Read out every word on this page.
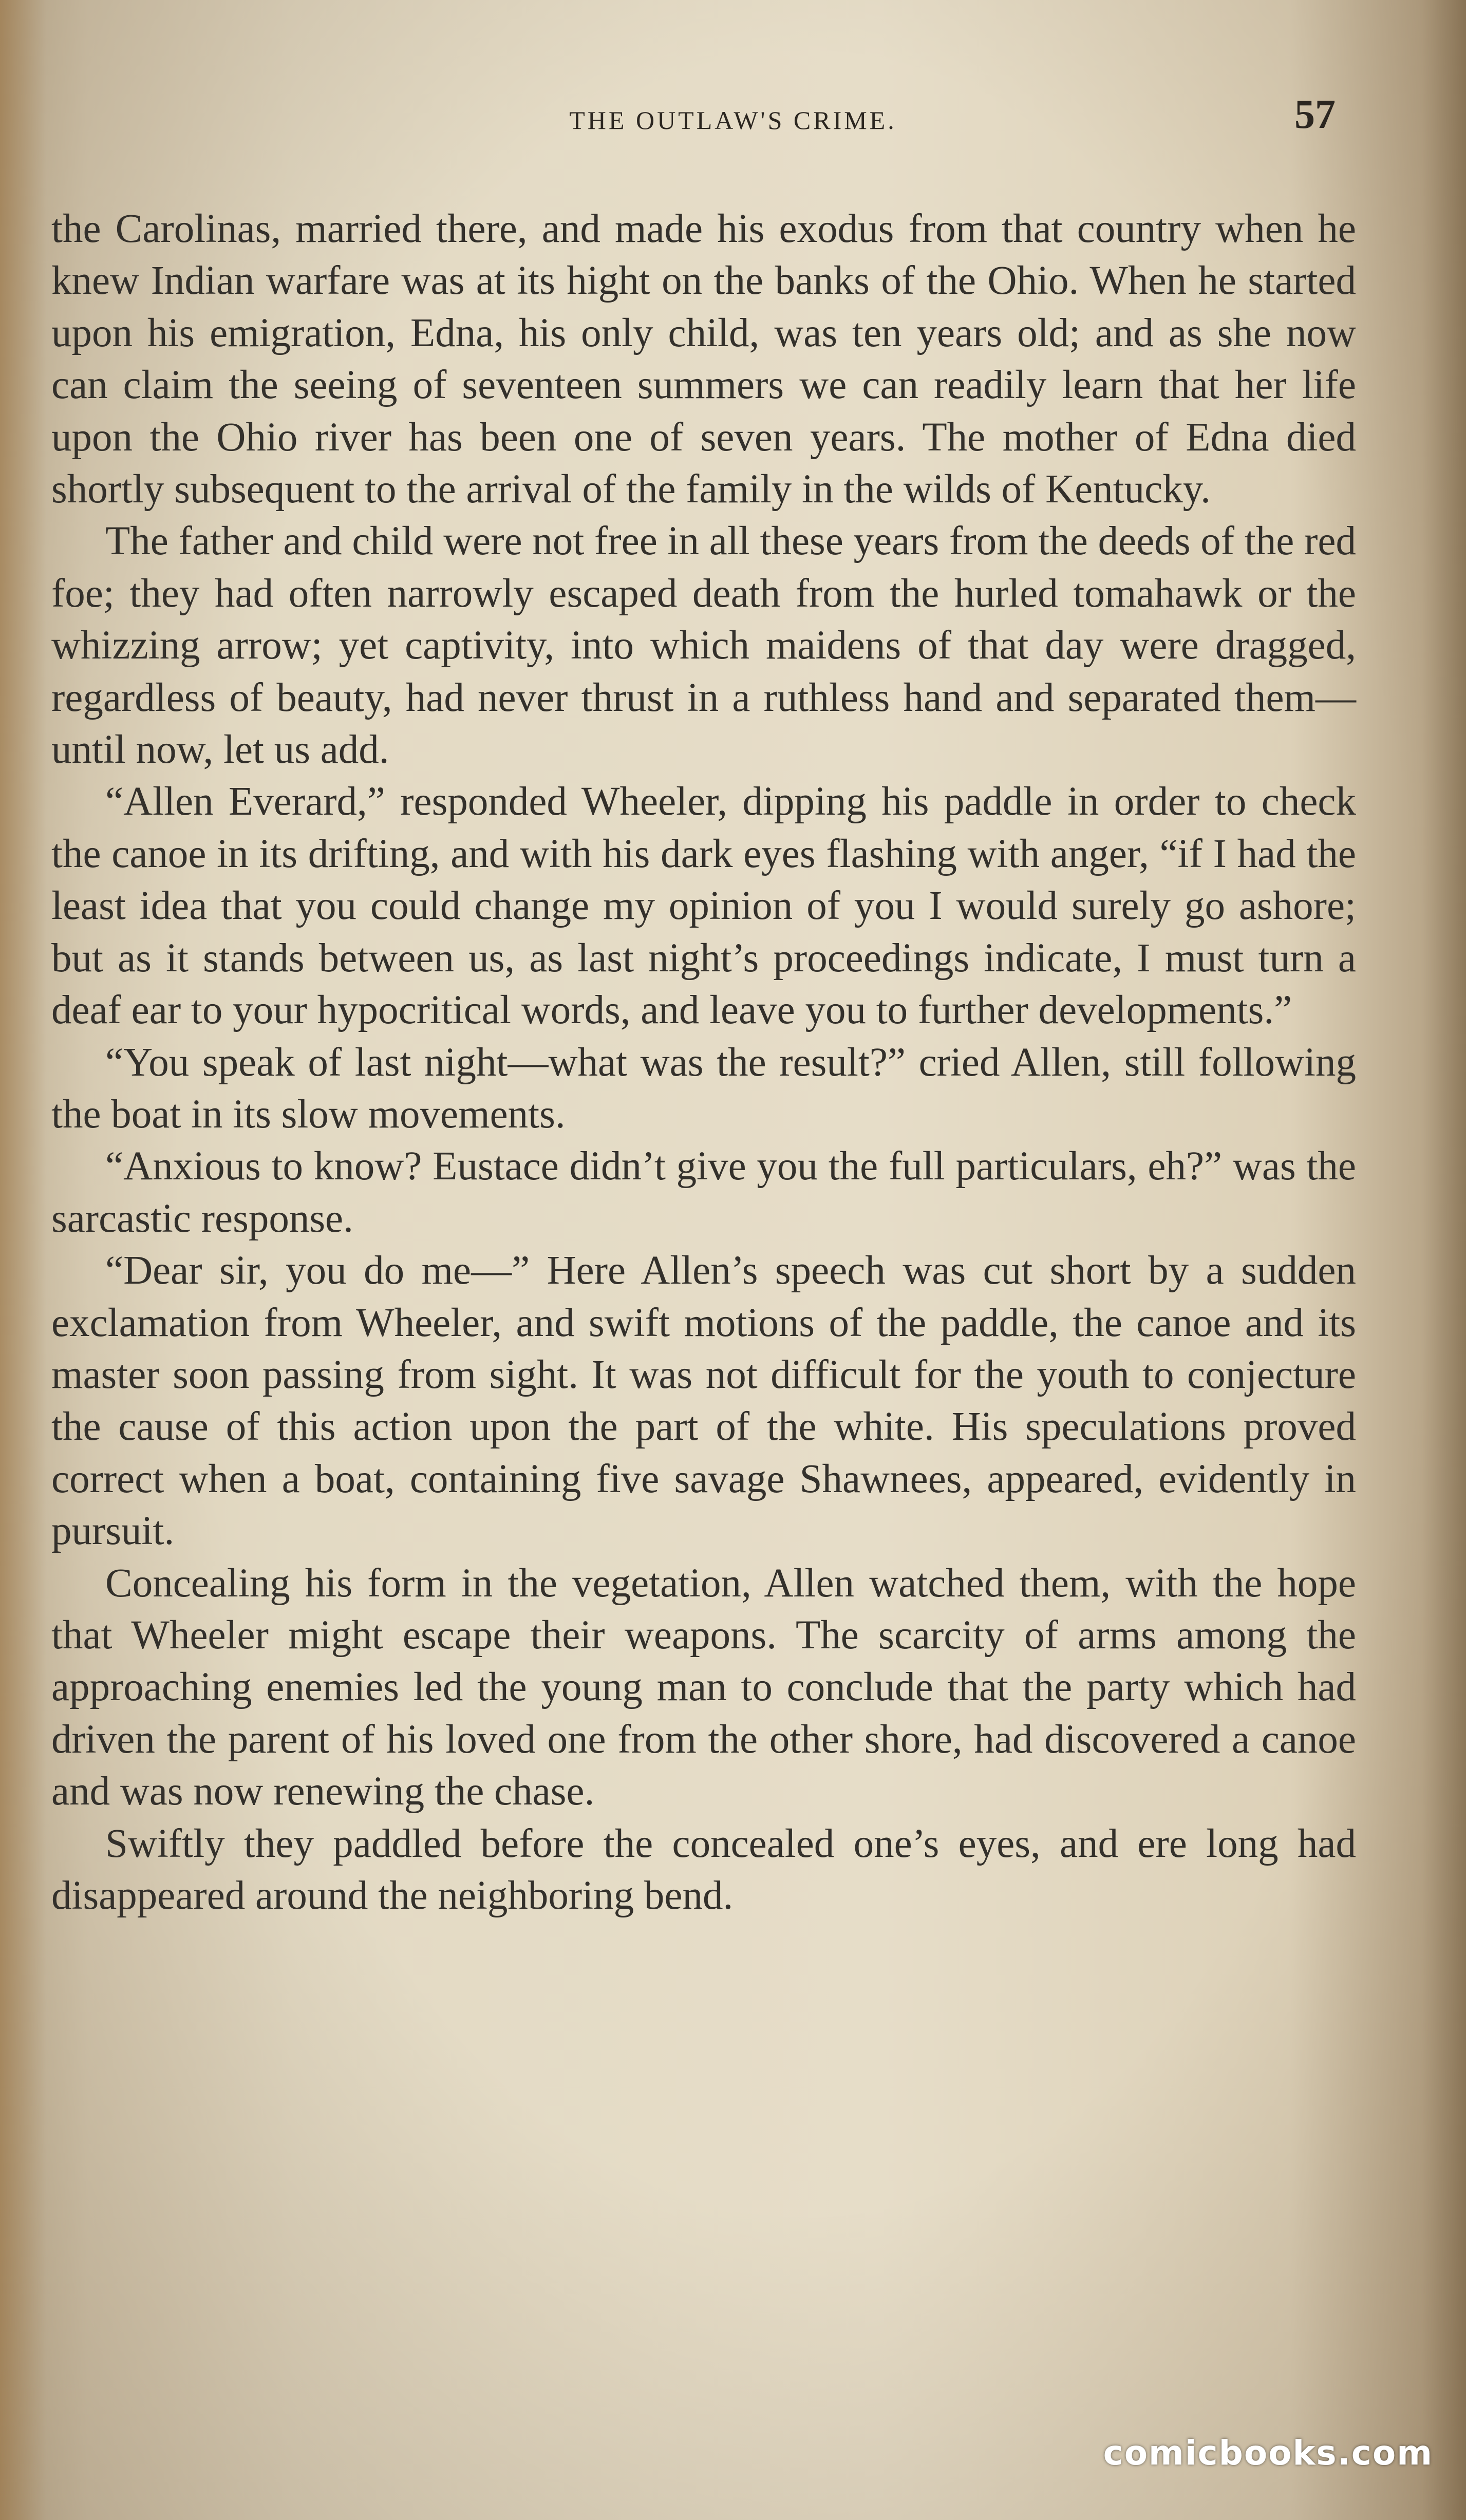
THE OUTLAW'S CRIME.	57

the Carolinas, married there, and made his exodus from that country when he knew Indian warfare was at its hight on the banks of the Ohio. When he started upon his emigration, Edna, his only child, was ten years old; and as she now can claim the seeing of seventeen summers we can readily learn that her life upon the Ohio river has been one of seven years. The mother of Edna died shortly subsequent to the arrival of the family in the wilds of Kentucky.

The father and child were not free in all these years from the deeds of the red foe; they had often narrowly escaped death from the hurled tomahawk or the whizzing arrow; yet captivity, into which maidens of that day were dragged, regardless of beauty, had never thrust in a ruthless hand and separated them—until now, let us add.

“Allen Everard,” responded Wheeler, dipping his paddle in order to check the canoe in its drifting, and with his dark eyes flashing with anger, “if I had the least idea that you could change my opinion of you I would surely go ashore; but as it stands between us, as last night’s proceedings indicate, I must turn a deaf ear to your hypocritical words, and leave you to further developments.”

“You speak of last night—what was the result?” cried Allen, still following the boat in its slow movements.

“Anxious to know? Eustace didn’t give you the full particulars, eh?” was the sarcastic response.

“Dear sir, you do me—” Here Allen’s speech was cut short by a sudden exclamation from Wheeler, and swift motions of the paddle, the canoe and its master soon passing from sight. It was not difficult for the youth to conjecture the cause of this action upon the part of the white. His speculations proved correct when a boat, containing five savage Shawnees, appeared, evidently in pursuit.

Concealing his form in the vegetation, Allen watched them, with the hope that Wheeler might escape their weapons. The scarcity of arms among the approaching enemies led the young man to conclude that the party which had driven the parent of his loved one from the other shore, had discovered a canoe and was now renewing the chase.

Swiftly they paddled before the concealed one’s eyes, and ere long had disappeared around the neighboring bend.

comicbooks.com
